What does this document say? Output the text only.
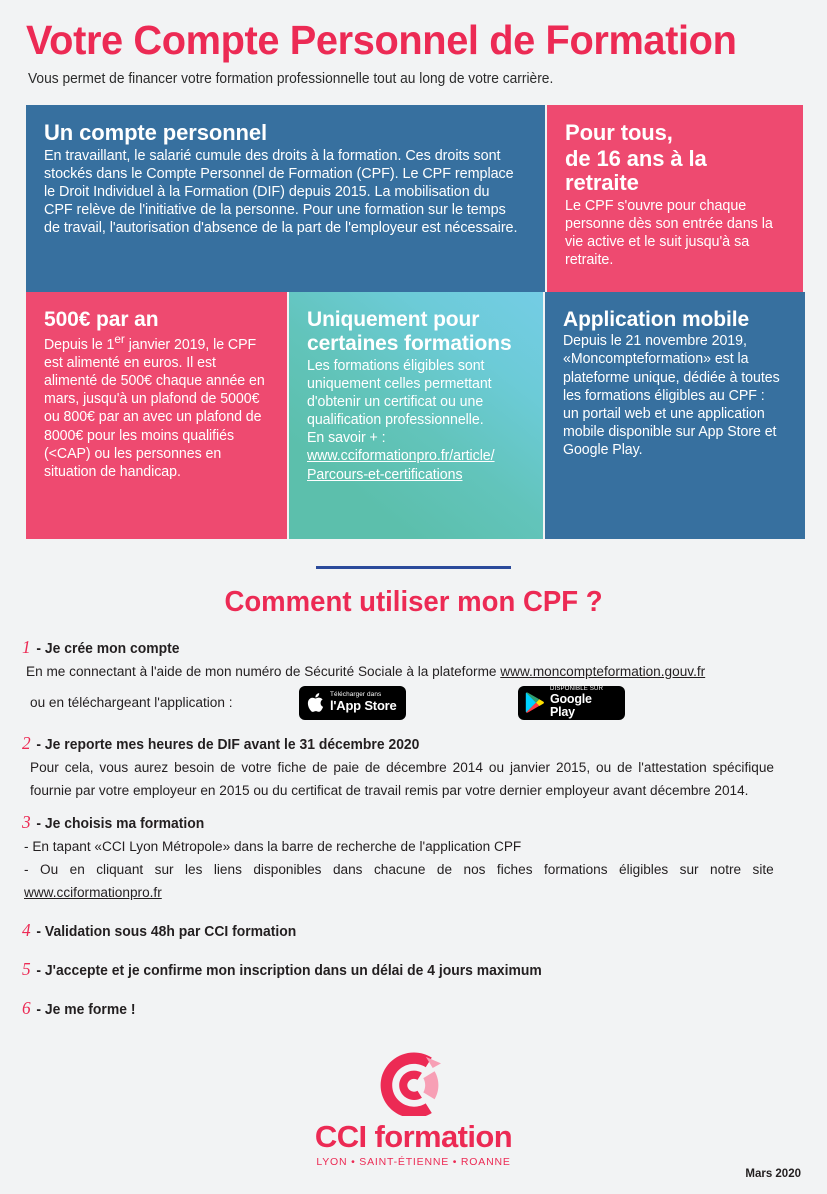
Votre Compte Personnel de Formation

Vous permet de financer votre formation professionnelle tout au long de votre carrière.

Un compte personnel

En travaillant, le salarié cumule des droits à la formation. Ces droits sont stockés dans le Compte Personnel de Formation (CPF). Le CPF remplace le Droit Individuel à la Formation (DIF) depuis 2015. La mobilisation du CPF relève de l'initiative de la personne. Pour une formation sur le temps de travail, l'autorisation d'absence de la part de l'employeur est nécessaire.

Pour tous,
de 16 ans à la retraite

Le CPF s'ouvre pour chaque personne dès son entrée dans la vie active et le suit jusqu'à sa retraite.

500€ par an

Depuis le 1er janvier 2019, le CPF est alimenté en euros. Il est alimenté de 500€ chaque année en mars, jusqu'à un plafond de 5000€ ou 800€ par an avec un plafond de 8000€ pour les moins qualifiés (<CAP) ou les personnes en situation de handicap.

Uniquement pour
certaines formations

Les formations éligibles sont uniquement celles permettant d'obtenir un certificat ou une qualification professionnelle.

En savoir + :

www.cciformationpro.fr/article/
Parcours-et-certifications

Application mobile

Depuis le 21 novembre 2019, «Moncompteformation» est la plateforme unique, dédiée à toutes les formations éligibles au CPF : un portail web et une application mobile disponible sur App Store et Google Play.

Comment utiliser mon CPF ?
1 - Je crée mon compte

En me connectant à l'aide de mon numéro de Sécurité Sociale à la plateforme www.moncompteformation.gouv.fr

ou en téléchargeant l'application :	Télécharger dans
l'App Store
DISPONIBLE SUR
Google Play
2 - Je reporte mes heures de DIF avant le 31 décembre 2020

Pour cela, vous aurez besoin de votre fiche de paie de décembre 2014 ou janvier 2015, ou de l'attestation spécifique fournie par votre employeur en 2015 ou du certificat de travail remis par votre dernier employeur avant décembre 2014.

3 - Je choisis ma formation

- En tapant «CCI Lyon Métropole» dans la barre de recherche de l'application CPF

- Ou en cliquant sur les liens disponibles dans chacune de nos fiches formations éligibles sur notre site www.cciformationpro.fr

4 - Validation sous 48h par CCI formation
5 - J'accepte et je confirme mon inscription dans un délai de 4 jours maximum
6 - Je me forme !

CCI formation

LYON • SAINT-ÉTIENNE • ROANNE

Mars 2020
